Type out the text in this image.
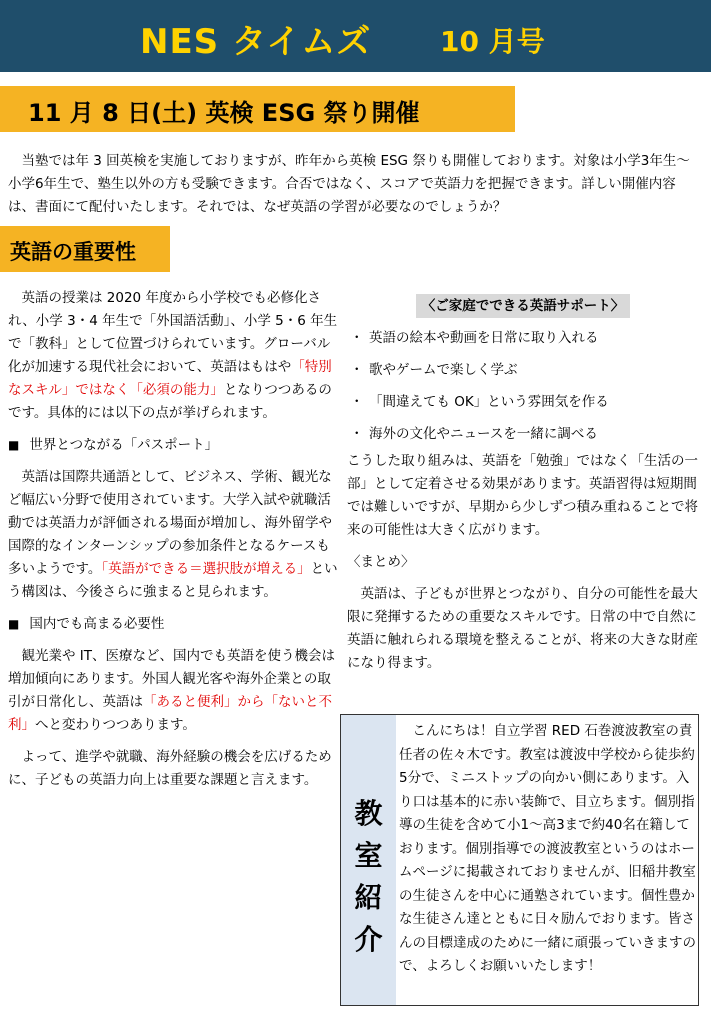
NES タイムズ 10 月号
11 月 8 日(土) 英検 ESG 祭り開催

当塾では年 3 回英検を実施しておりますが、昨年から英検 ESG 祭りも開催しております。対象は小学3年生～小学6年生で、塾生以外の方も受験できます。合否ではなく、スコアで英語力を把握できます。詳しい開催内容は、書面にて配付いたします。それでは、なぜ英語の学習が必要なのでしょうか？

英語の重要性

英語の授業は 2020 年度から小学校でも必修化され、小学 3・4 年生で「外国語活動」、小学 5・6 年生で「教科」として位置づけられています。グローバル化が加速する現代社会において、英語はもはや「特別なスキル」ではなく「必須の能力」となりつつあるのです。具体的には以下の点が挙げられます。

■ 世界とつながる「パスポート」

英語は国際共通語として、ビジネス、学術、観光など幅広い分野で使用されています。大学入試や就職活動では英語力が評価される場面が増加し、海外留学や国際的なインターンシップの参加条件となるケースも多いようです。「英語ができる＝選択肢が増える」という構図は、今後さらに強まると見られます。

■ 国内でも高まる必要性

観光業や IT、医療など、国内でも英語を使う機会は増加傾向にあります。外国人観光客や海外企業との取引が日常化し、英語は「あると便利」から「ないと不利」へと変わりつつあります。

よって、進学や就職、海外経験の機会を広げるために、子どもの英語力向上は重要な課題と言えます。

〈ご家庭でできる英語サポート〉
・ 英語の絵本や動画を日常に取り入れる
・ 歌やゲームで楽しく学ぶ
・ 「間違えても OK」という雰囲気を作る
・ 海外の文化やニュースを一緒に調べる

こうした取り組みは、英語を「勉強」ではなく「生活の一部」として定着させる効果があります。英語習得は短期間では難しいですが、早期から少しずつ積み重ねることで将来の可能性は大きく広がります。

〈まとめ〉

英語は、子どもが世界とつながり、自分の可能性を最大限に発揮するための重要なスキルです。日常の中で自然に英語に触れられる環境を整えることが、将来の大きな財産になり得ます。

教
室
紹
介

こんにちは！自立学習 RED 石巻渡波教室の責任者の佐々木です。教室は渡波中学校から徒歩約5分で、ミニストップの向かい側にあります。入り口は基本的に赤い装飾で、目立ちます。個別指導の生徒を含めて小1～高3まで約40名在籍しております。個別指導での渡波教室というのはホームページに掲載されておりませんが、旧稲井教室の生徒さんを中心に通塾されています。個性豊かな生徒さん達とともに日々励んでおります。皆さんの目標達成のために一緒に頑張っていきますので、よろしくお願いいたします！
